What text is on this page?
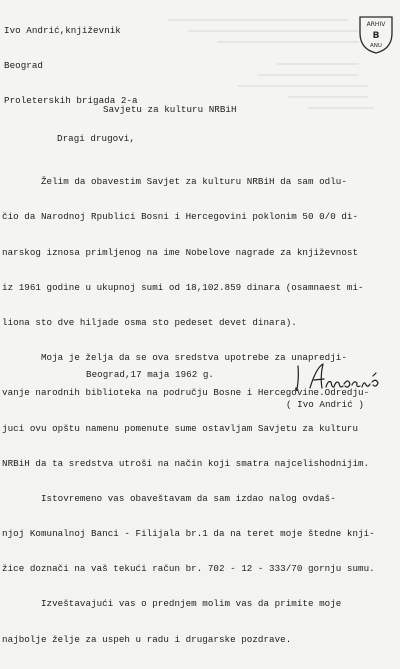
Ivo Andrić,književnik

Beograd

Proleterskih brigada 2-a

ARHIV
B
ANU
Savjetu za kulturu NRBiH
Dragi drugovi,

Želim da obavestim Savjet za kulturu NRBiH da sam odlu-

čio da Narodnoj Rpublici Bosni i Hercegovini poklonim 50 0/0 di-

narskog iznosa primljenog na ime Nobelove nagrade za književnost

iz 1961 godine u ukupnoj sumi od 18,102.859 dinara (osamnaest mi-

liona sto dve hiljade osma sto pedeset devet dinara).

Moja je želja da se ova sredstva upotrebe za unapredji-

vanje narodnih biblioteka na području Bosne i Hercegovine.Odredju-

juci ovu opštu namenu pomenute sume ostavljam Savjetu za kulturu

NRBiH da ta sredstva utroši na način koji smatra najcelishodnijim.

Istovremeno vas obaveštavam da sam izdao nalog ovdaš-

njoj Komunalnoj Banci - Filijala br.1 da na teret moje štedne knji-

žice doznači na vaš tekući račun br. 702 - 12 - 333/70 gornju sumu.

Izveštavajući vas o prednjem molim vas da primite moje

najbolje želje za uspeh u radu i drugarske pozdrave.

Beograd,17 maja 1962 g.
( Ivo Andrić )
